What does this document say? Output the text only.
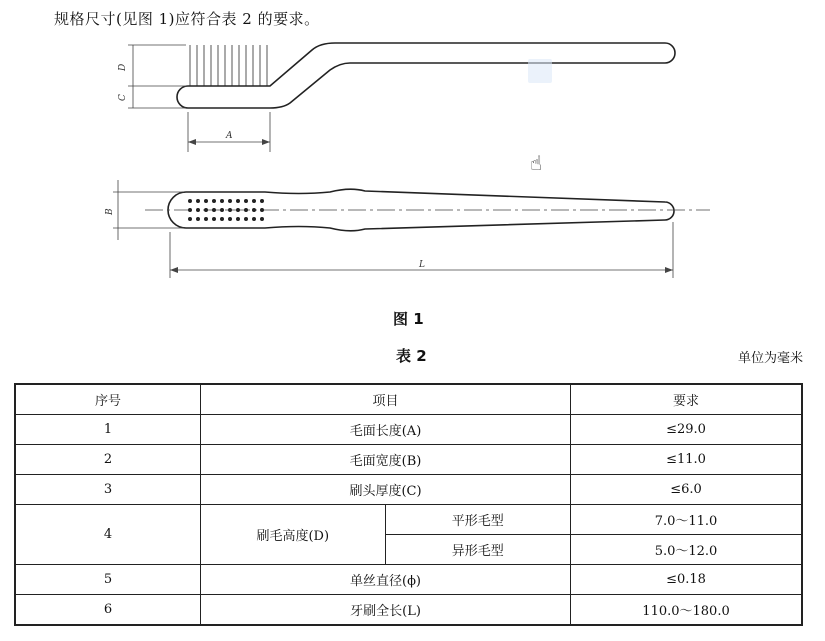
规格尺寸(见图 1)应符合表 2 的要求。
D
C
A
B
L
☝
图 1
表 2	单位为毫米
序号	项目		要求
1	毛面长度(A)		≤29.0
2	毛面宽度(B)		≤11.0
3	刷头厚度(C)		≤6.0
4	刷毛高度(D)	平形毛型	7.0～11.0
		异形毛型	5.0～12.0
5	单丝直径(ϕ)		≤0.18
6	牙刷全长(L)		110.0～180.0
